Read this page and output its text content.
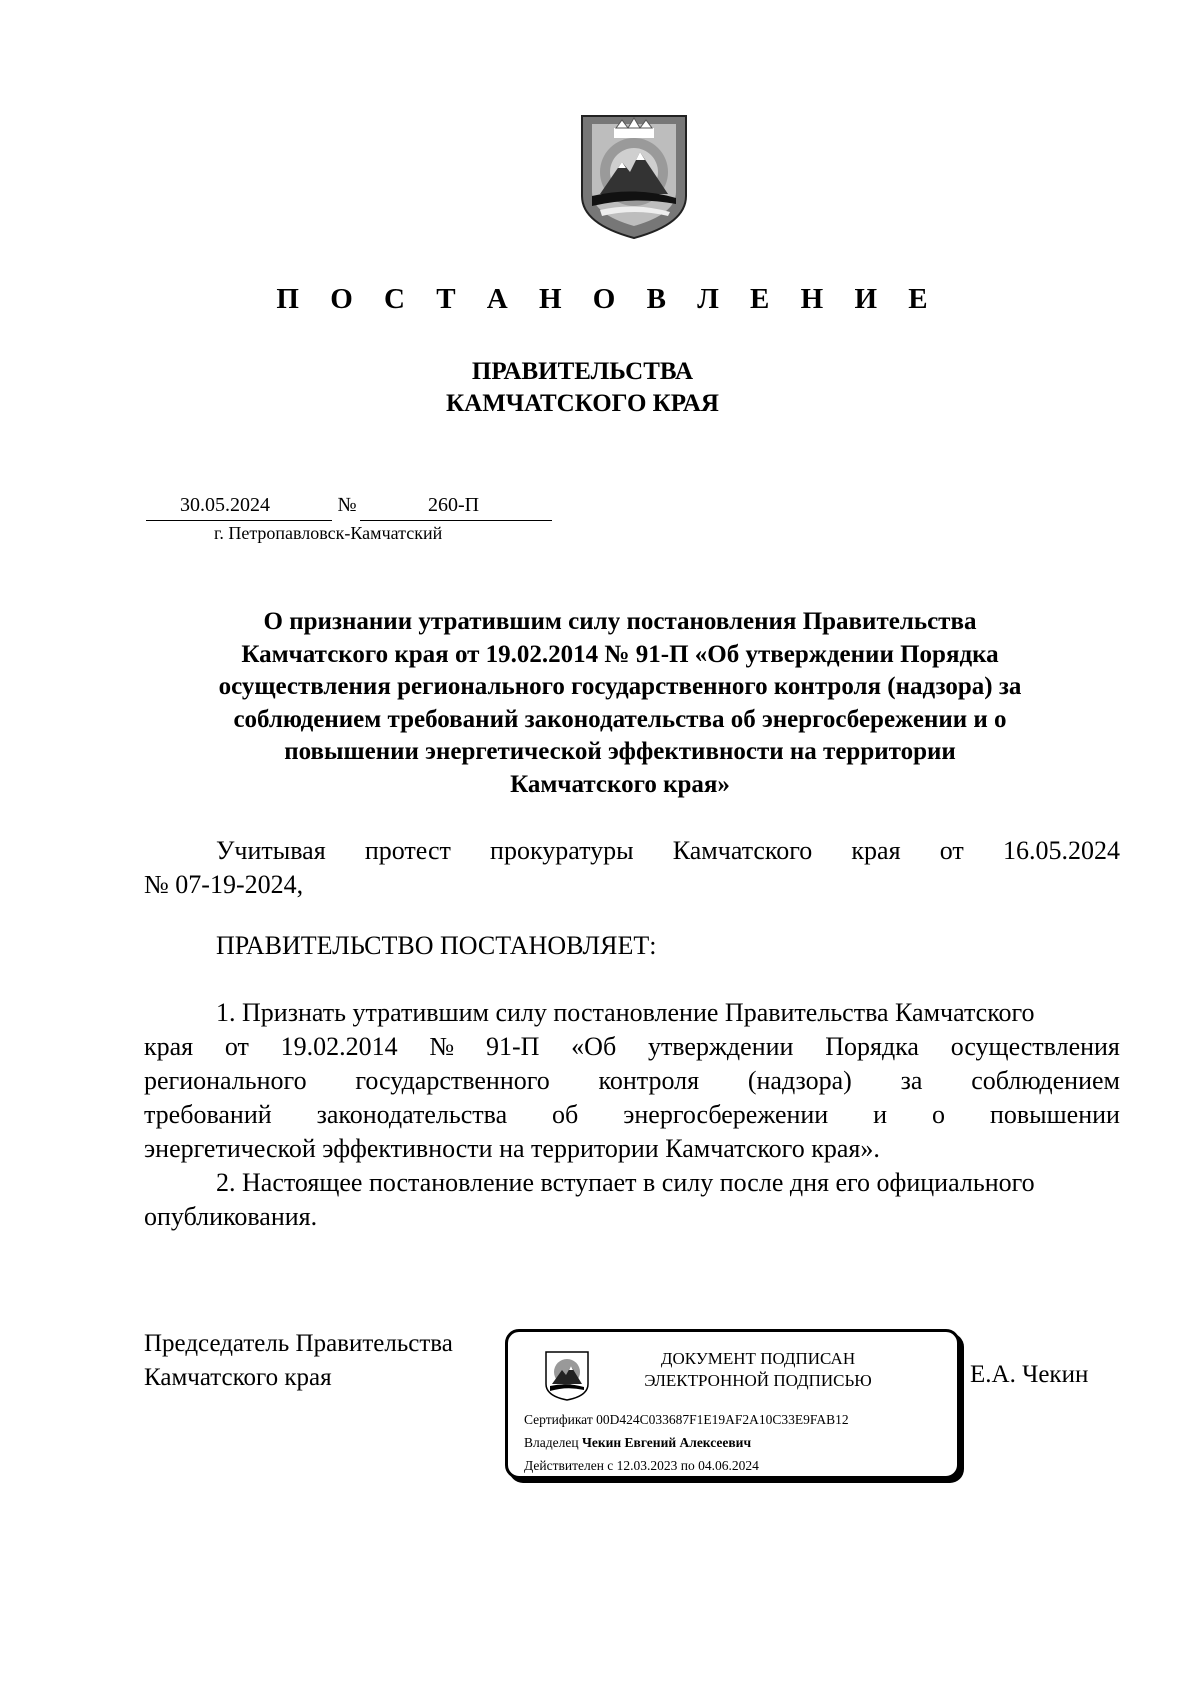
П О С Т А Н О В Л Е Н И Е
ПРАВИТЕЛЬСТВА
КАМЧАТСКОГО КРАЯ
30.05.2024	№	260-П
г. Петропавловск-Камчатский
О признании утратившим силу постановления Правительства
Камчатского края от 19.02.2014 № 91-П «Об утверждении Порядка
осуществления регионального государственного контроля (надзора) за
соблюдением требований законодательства об энергосбережении и о
повышении энергетической эффективности на территории
Камчатского края»
Учитывая протест прокуратуры Камчатского края от 16.05.2024
№ 07-19-2024,
ПРАВИТЕЛЬСТВО ПОСТАНОВЛЯЕТ:
1. Признать утратившим силу постановление Правительства Камчатского
края от 19.02.2014 № 91-П «Об утверждении Порядка осуществления
регионального государственного контроля (надзора) за соблюдением
требований законодательства об энергосбережении и о повышении
энергетической эффективности на территории Камчатского края».
2. Настоящее постановление вступает в силу после дня его официального
опубликования.
Председатель Правительства
Камчатского края
ДОКУМЕНТ ПОДПИСАН
ЭЛЕКТРОННОЙ ПОДПИСЬЮ
Сертификат 00D424C033687F1E19AF2A10C33E9FAB12
Владелец Чекин Евгений Алексеевич
Действителен с 12.03.2023 по 04.06.2024
Е.А. Чекин
